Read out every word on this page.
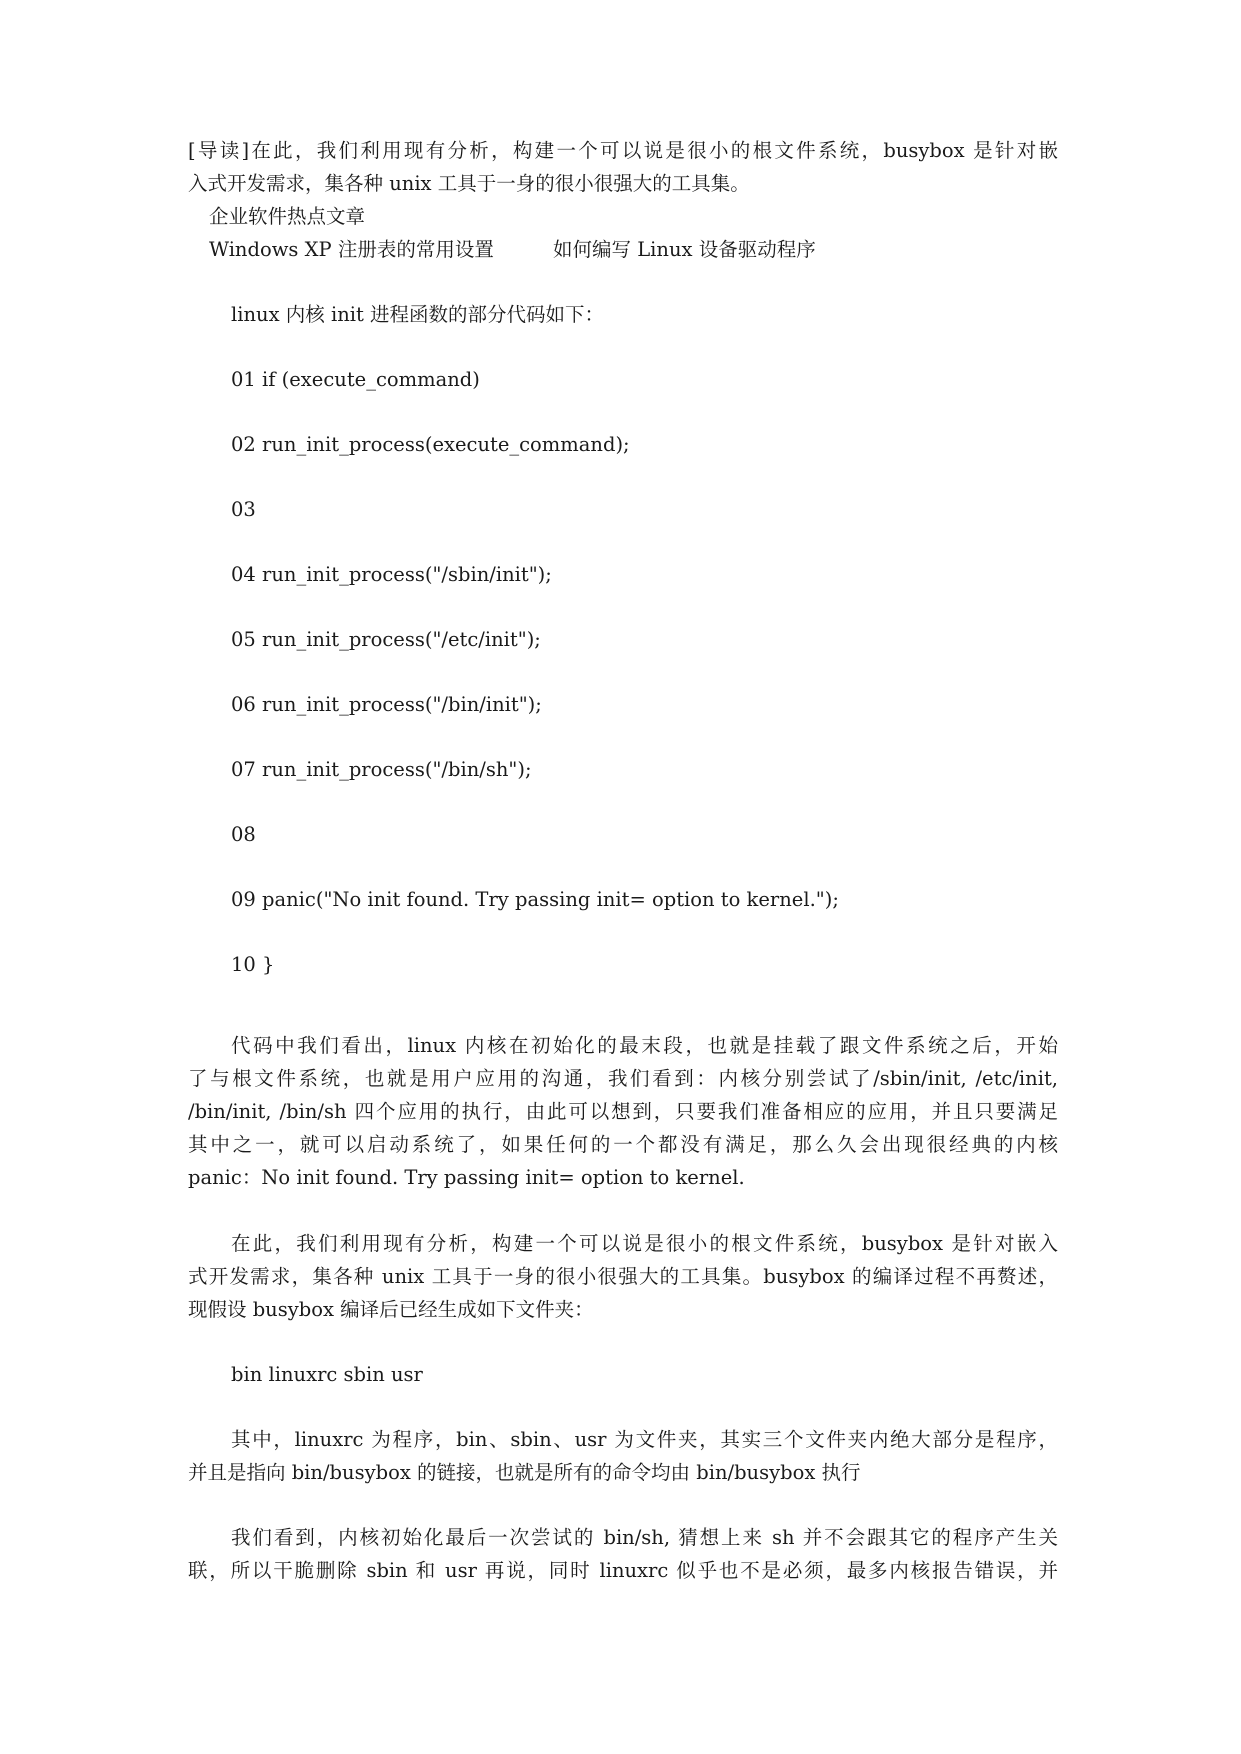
[导读]在此，我们利用现有分析，构建一个可以说是很小的根文件系统，busybox 是针对嵌
入式开发需求，集各种 unix 工具于一身的很小很强大的工具集。
企业软件热点文章
Windows XP 注册表的常用设置	如何编写 Linux 设备驱动程序
linux 内核 init 进程函数的部分代码如下：
01 if (execute_command)
02 run_init_process(execute_command);
03
04 run_init_process("/sbin/init");
05 run_init_process("/etc/init");
06 run_init_process("/bin/init");
07 run_init_process("/bin/sh");
08
09 panic("No init found. Try passing init= option to kernel.");
10 }
代码中我们看出，linux 内核在初始化的最末段，也就是挂载了跟文件系统之后，开始
了与根文件系统，也就是用户应用的沟通，我们看到：内核分别尝试了/sbin/init, /etc/init,
/bin/init, /bin/sh 四个应用的执行，由此可以想到，只要我们准备相应的应用，并且只要满足
其中之一，就可以启动系统了，如果任何的一个都没有满足，那么久会出现很经典的内核
panic：No init found. Try passing init= option to kernel.
在此，我们利用现有分析，构建一个可以说是很小的根文件系统，busybox 是针对嵌入
式开发需求，集各种 unix 工具于一身的很小很强大的工具集。busybox 的编译过程不再赘述，
现假设 busybox 编译后已经生成如下文件夹：
bin linuxrc sbin usr
其中，linuxrc 为程序，bin、sbin、usr 为文件夹，其实三个文件夹内绝大部分是程序，
并且是指向 bin/busybox 的链接，也就是所有的命令均由 bin/busybox 执行
我们看到，内核初始化最后一次尝试的 bin/sh, 猜想上来 sh 并不会跟其它的程序产生关
联，所以干脆删除 sbin 和 usr 再说，同时 linuxrc 似乎也不是必须，最多内核报告错误，并
